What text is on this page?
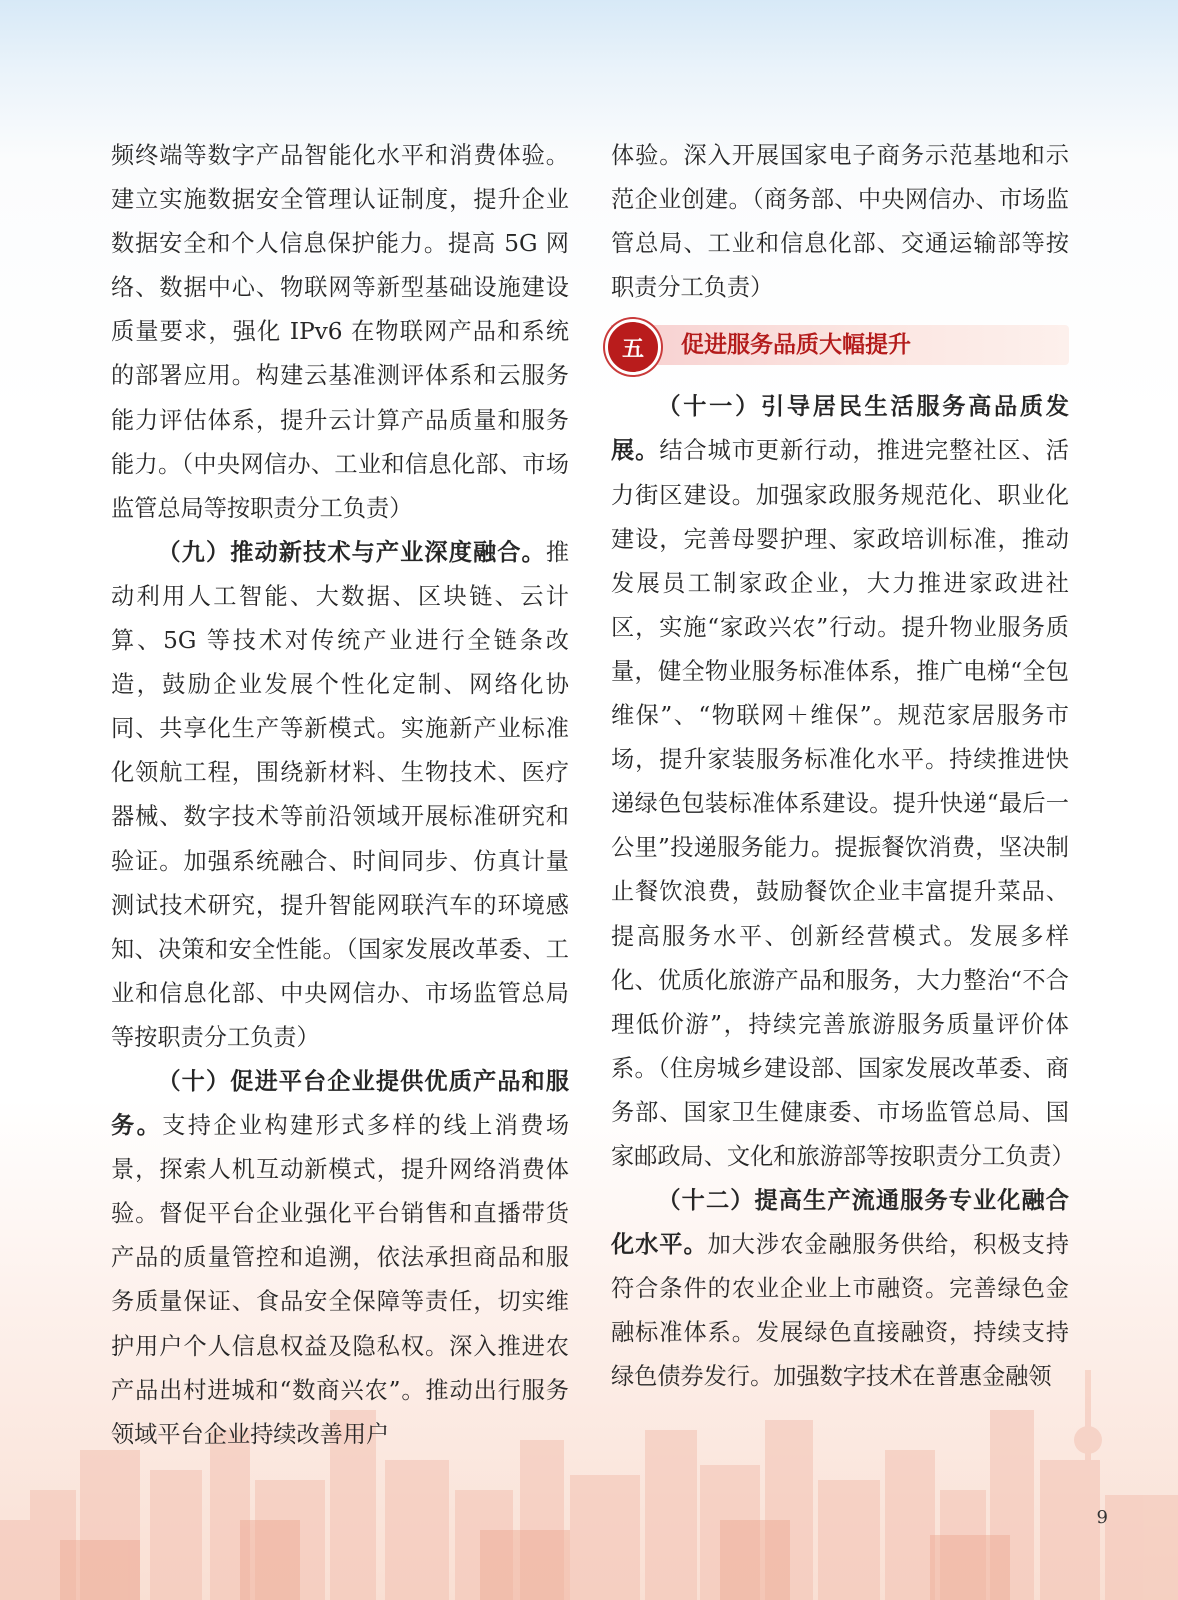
频终端等数字产品智能化水平和消费体验。建立实施数据安全管理认证制度，提升企业数据安全和个人信息保护能力。提高 5G 网络、数据中心、物联网等新型基础设施建设质量要求，强化 IPv6 在物联网产品和系统的部署应用。构建云基准测评体系和云服务能力评估体系，提升云计算产品质量和服务能力。（中央网信办、工业和信息化部、市场监管总局等按职责分工负责）

（九）推动新技术与产业深度融合。推动利用人工智能、大数据、区块链、云计算、5G 等技术对传统产业进行全链条改造，鼓励企业发展个性化定制、网络化协同、共享化生产等新模式。实施新产业标准化领航工程，围绕新材料、生物技术、医疗器械、数字技术等前沿领域开展标准研究和验证。加强系统融合、时间同步、仿真计量测试技术研究，提升智能网联汽车的环境感知、决策和安全性能。（国家发展改革委、工业和信息化部、中央网信办、市场监管总局等按职责分工负责）

（十）促进平台企业提供优质产品和服务。支持企业构建形式多样的线上消费场景，探索人机互动新模式，提升网络消费体验。督促平台企业强化平台销售和直播带货产品的质量管控和追溯，依法承担商品和服务质量保证、食品安全保障等责任，切实维护用户个人信息权益及隐私权。深入推进农产品出村进城和“数商兴农”。推动出行服务领域平台企业持续改善用户

体验。深入开展国家电子商务示范基地和示范企业创建。（商务部、中央网信办、市场监管总局、工业和信息化部、交通运输部等按职责分工负责）

五	促进服务品质大幅提升

（十一）引导居民生活服务高品质发展。结合城市更新行动，推进完整社区、活力街区建设。加强家政服务规范化、职业化建设，完善母婴护理、家政培训标准，推动发展员工制家政企业，大力推进家政进社区，实施“家政兴农”行动。提升物业服务质量，健全物业服务标准体系，推广电梯“全包维保”、“物联网＋维保”。规范家居服务市场，提升家装服务标准化水平。持续推进快递绿色包装标准体系建设。提升快递“最后一公里”投递服务能力。提振餐饮消费，坚决制止餐饮浪费，鼓励餐饮企业丰富提升菜品、提高服务水平、创新经营模式。发展多样化、优质化旅游产品和服务，大力整治“不合理低价游”，持续完善旅游服务质量评价体系。（住房城乡建设部、国家发展改革委、商务部、国家卫生健康委、市场监管总局、国家邮政局、文化和旅游部等按职责分工负责）

（十二）提高生产流通服务专业化融合化水平。加大涉农金融服务供给，积极支持符合条件的农业企业上市融资。完善绿色金融标准体系。发展绿色直接融资，持续支持绿色债券发行。加强数字技术在普惠金融领

9
